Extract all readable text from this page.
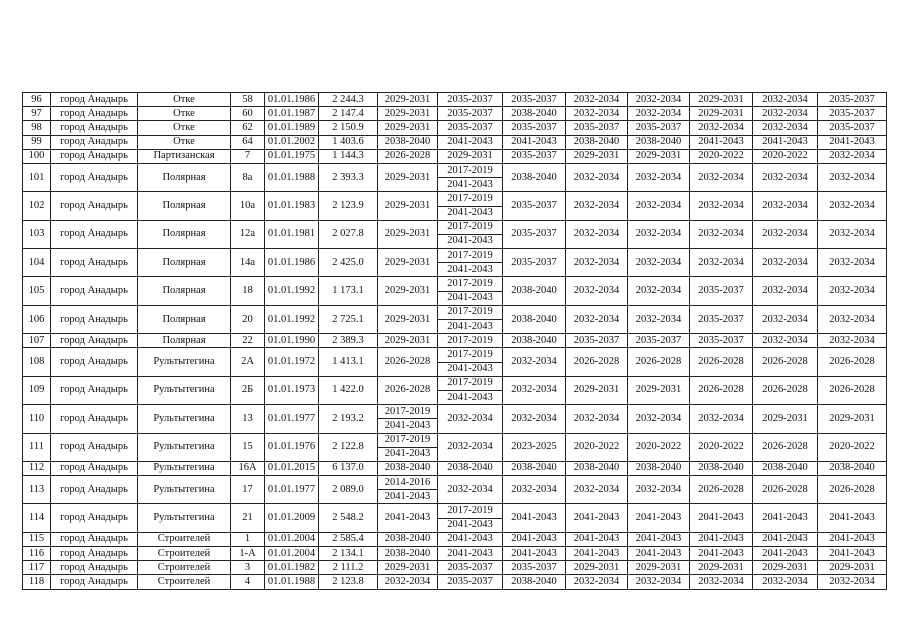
96	город Анадырь	Отке	58	01.01.1986	2 244.3	2029-2031	2035-2037	2035-2037	2032-2034	2032-2034	2029-2031	2032-2034	2035-2037
97	город Анадырь	Отке	60	01.01.1987	2 147.4	2029-2031	2035-2037	2038-2040	2032-2034	2032-2034	2029-2031	2032-2034	2035-2037
98	город Анадырь	Отке	62	01.01.1989	2 150.9	2029-2031	2035-2037	2035-2037	2035-2037	2035-2037	2032-2034	2032-2034	2035-2037
99	город Анадырь	Отке	64	01.01.2002	1 403.6	2038-2040	2041-2043	2041-2043	2038-2040	2038-2040	2041-2043	2041-2043	2041-2043
100	город Анадырь	Партизанская	7	01.01.1975	1 144.3	2026-2028	2029-2031	2035-2037	2029-2031	2029-2031	2020-2022	2020-2022	2032-2034
101	город Анадырь	Полярная	8а	01.01.1988	2 393.3	2029-2031	2017-2019	2038-2040	2032-2034	2032-2034	2032-2034	2032-2034	2032-2034
							2041-2043						
102	город Анадырь	Полярная	10а	01.01.1983	2 123.9	2029-2031	2017-2019	2035-2037	2032-2034	2032-2034	2032-2034	2032-2034	2032-2034
							2041-2043						
103	город Анадырь	Полярная	12а	01.01.1981	2 027.8	2029-2031	2017-2019	2035-2037	2032-2034	2032-2034	2032-2034	2032-2034	2032-2034
							2041-2043						
104	город Анадырь	Полярная	14а	01.01.1986	2 425.0	2029-2031	2017-2019	2035-2037	2032-2034	2032-2034	2032-2034	2032-2034	2032-2034
							2041-2043						
105	город Анадырь	Полярная	18	01.01.1992	1 173.1	2029-2031	2017-2019	2038-2040	2032-2034	2032-2034	2035-2037	2032-2034	2032-2034
							2041-2043						
106	город Анадырь	Полярная	20	01.01.1992	2 725.1	2029-2031	2017-2019	2038-2040	2032-2034	2032-2034	2035-2037	2032-2034	2032-2034
							2041-2043						
107	город Анадырь	Полярная	22	01.01.1990	2 389.3	2029-2031	2017-2019	2038-2040	2035-2037	2035-2037	2035-2037	2032-2034	2032-2034
108	город Анадырь	Рультытегина	2А	01.01.1972	1 413.1	2026-2028	2017-2019	2032-2034	2026-2028	2026-2028	2026-2028	2026-2028	2026-2028
							2041-2043						
109	город Анадырь	Рультытегина	2Б	01.01.1973	1 422.0	2026-2028	2017-2019	2032-2034	2029-2031	2029-2031	2026-2028	2026-2028	2026-2028
							2041-2043						
110	город Анадырь	Рультытегина	13	01.01.1977	2 193.2	2017-2019	2032-2034	2032-2034	2032-2034	2032-2034	2032-2034	2029-2031	2029-2031
						2041-2043							
111	город Анадырь	Рультытегина	15	01.01.1976	2 122.8	2017-2019	2032-2034	2023-2025	2020-2022	2020-2022	2020-2022	2026-2028	2020-2022
						2041-2043							
112	город Анадырь	Рультытегина	16А	01.01.2015	6 137.0	2038-2040	2038-2040	2038-2040	2038-2040	2038-2040	2038-2040	2038-2040	2038-2040
113	город Анадырь	Рультытегина	17	01.01.1977	2 089.0	2014-2016	2032-2034	2032-2034	2032-2034	2032-2034	2026-2028	2026-2028	2026-2028
						2041-2043							
114	город Анадырь	Рультытегина	21	01.01.2009	2 548.2	2041-2043	2017-2019	2041-2043	2041-2043	2041-2043	2041-2043	2041-2043	2041-2043
							2041-2043						
115	город Анадырь	Строителей	1	01.01.2004	2 585.4	2038-2040	2041-2043	2041-2043	2041-2043	2041-2043	2041-2043	2041-2043	2041-2043
116	город Анадырь	Строителей	1-А	01.01.2004	2 134.1	2038-2040	2041-2043	2041-2043	2041-2043	2041-2043	2041-2043	2041-2043	2041-2043
117	город Анадырь	Строителей	3	01.01.1982	2 111.2	2029-2031	2035-2037	2035-2037	2029-2031	2029-2031	2029-2031	2029-2031	2029-2031
118	город Анадырь	Строителей	4	01.01.1988	2 123.8	2032-2034	2035-2037	2038-2040	2032-2034	2032-2034	2032-2034	2032-2034	2032-2034
